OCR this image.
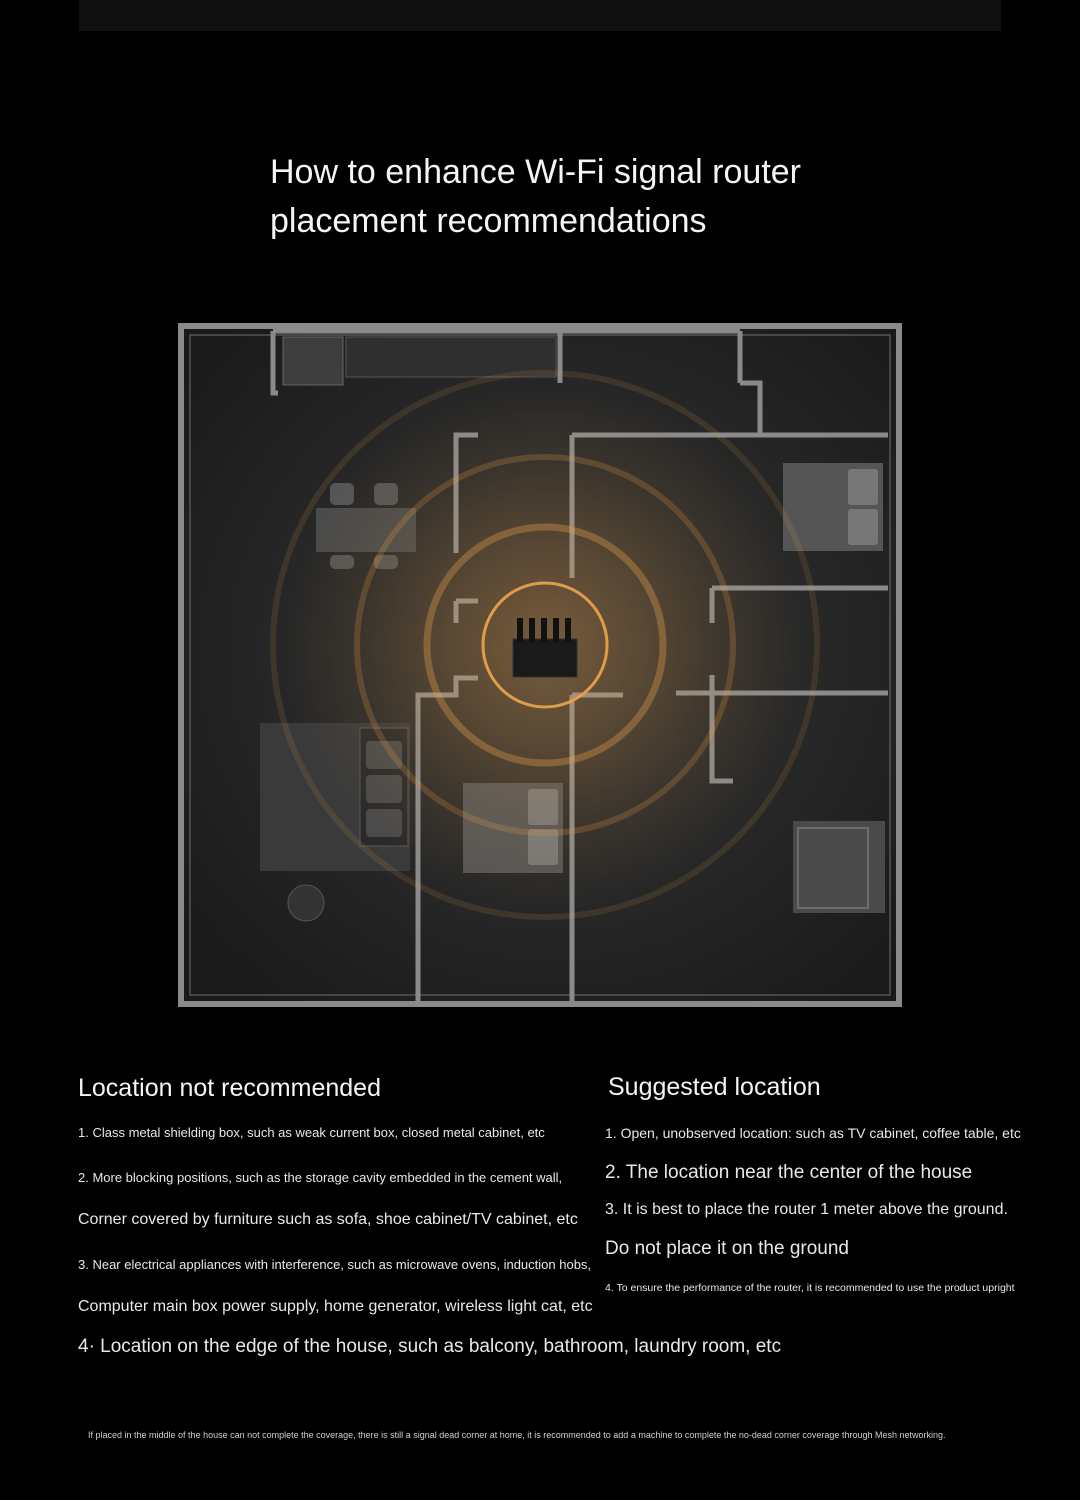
How to enhance Wi-Fi signal router
placement recommendations
Location not recommended
1. Class metal shielding box, such as weak current box, closed metal cabinet, etc
2. More blocking positions, such as the storage cavity embedded in the cement wall,
Corner covered by furniture such as sofa, shoe cabinet/TV cabinet, etc
3. Near electrical appliances with interference, such as microwave ovens, induction hobs,
Computer main box power supply, home generator, wireless light cat, etc
4· Location on the edge of the house, such as balcony, bathroom, laundry room, etc
Suggested location
1. Open, unobserved location: such as TV cabinet, coffee table, etc
2. The location near the center of the house
3. It is best to place the router 1 meter above the ground.
Do not place it on the ground
4. To ensure the performance of the router, it is recommended to use the product upright
If placed in the middle of the house can not complete the coverage, there is still a signal dead corner at home, it is recommended to add a machine to complete the no-dead corner coverage through Mesh networking.
